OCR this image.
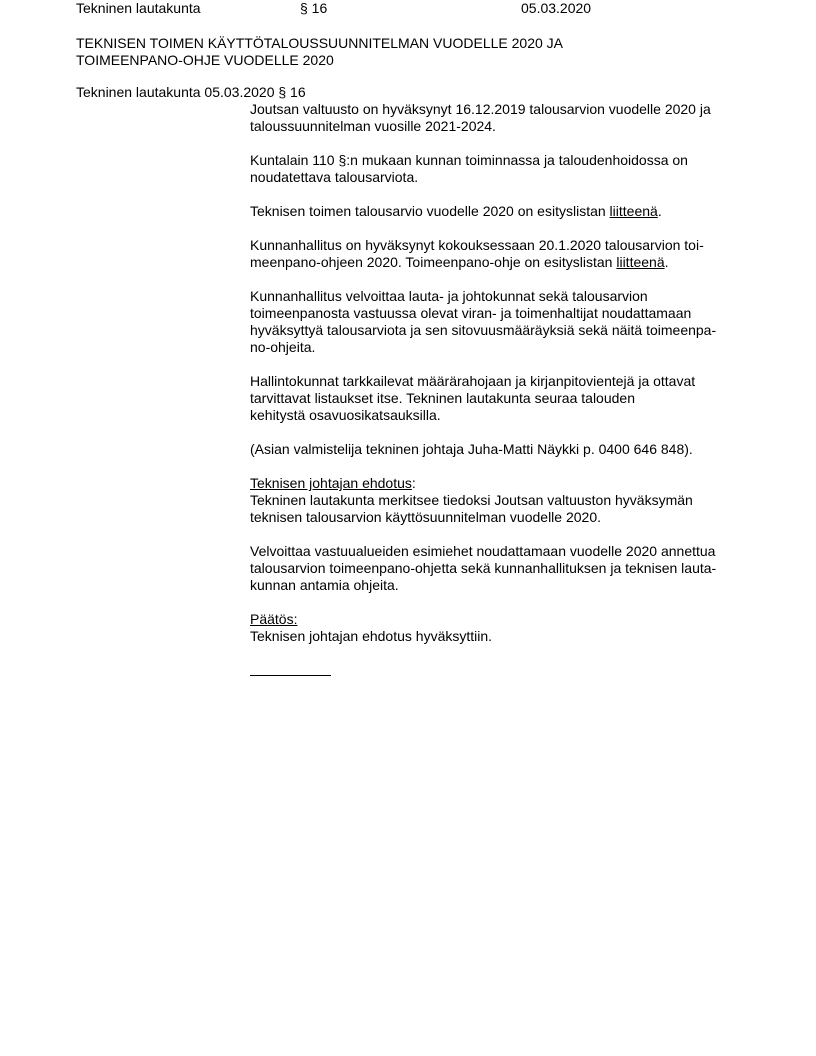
Tekninen lautakunta	§ 16	05.03.2020
TEKNISEN TOIMEN KÄYTTÖTALOUSSUUNNITELMAN VUODELLE 2020 JA
TOIMEENPANO-OHJE VUODELLE 2020
Tekninen lautakunta 05.03.2020 § 16
Joutsan valtuusto on hyväksynyt 16.12.2019 talousarvion vuodelle 2020 ja
taloussuunnitelman vuosille 2021-2024.
Kuntalain 110 §:n mukaan kunnan toiminnassa ja taloudenhoidossa on
noudatettava talousarviota.
Teknisen toimen talousarvio vuodelle 2020 on esityslistan liitteenä.
Kunnanhallitus on hyväksynyt kokouksessaan 20.1.2020 talousarvion toi-
meenpano-ohjeen 2020. Toimeenpano-ohje on esityslistan liitteenä.
Kunnanhallitus velvoittaa lauta- ja johtokunnat sekä talousarvion
toimeenpanosta vastuussa olevat viran- ja toimenhaltijat noudattamaan
hyväksyttyä talousarviota ja sen sitovuusmääräyksiä sekä näitä toimeenpa-
no-ohjeita.
Hallintokunnat tarkkailevat määrärahojaan ja kirjanpitovientejä ja ottavat
tarvittavat listaukset itse. Tekninen lautakunta seuraa talouden
kehitystä osavuosikatsauksilla.
(Asian valmistelija tekninen johtaja Juha-Matti Näykki p. 0400 646 848).
Teknisen johtajan ehdotus:
Tekninen lautakunta merkitsee tiedoksi Joutsan valtuuston hyväksymän
teknisen talousarvion käyttösuunnitelman vuodelle 2020.
Velvoittaa vastuualueiden esimiehet noudattamaan vuodelle 2020 annettua
talousarvion toimeenpano-ohjetta sekä kunnanhallituksen ja teknisen lauta-
kunnan antamia ohjeita.
Päätös:
Teknisen johtajan ehdotus hyväksyttiin.
